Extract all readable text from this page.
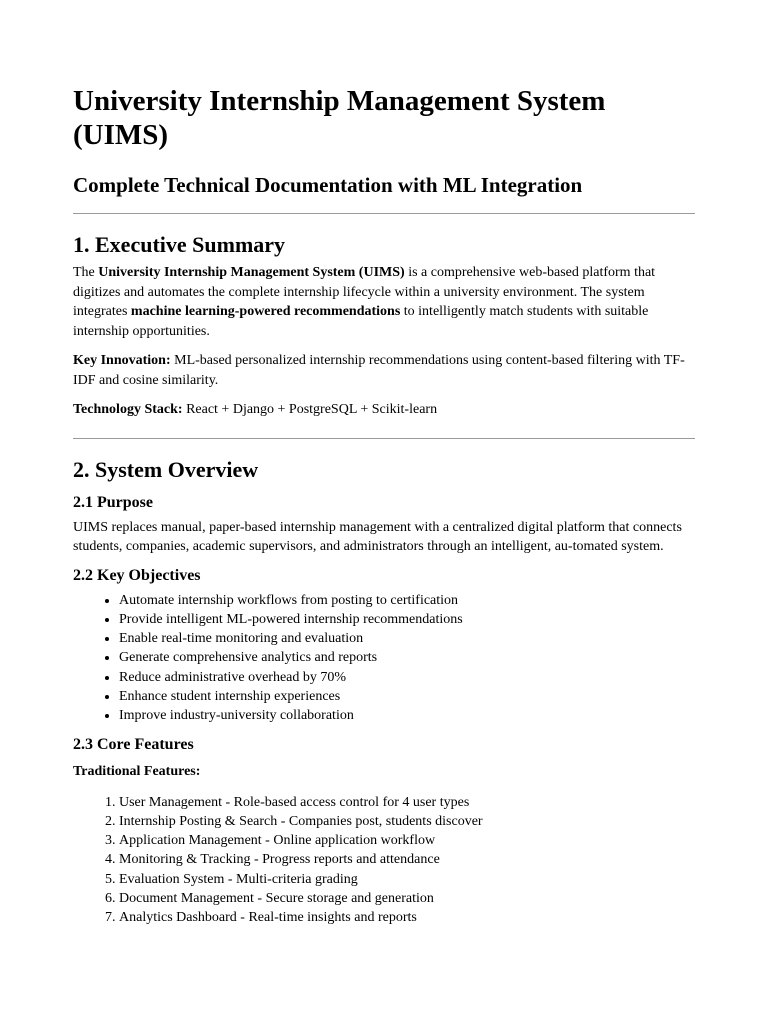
University Internship Management System (UIMS)
Complete Technical Documentation with ML Integration
1. Executive Summary

The University Internship Management System (UIMS) is a comprehensive web-based platform that digitizes and automates the complete internship lifecycle within a university environment. The system integrates machine learning-powered recommendations to intelligently match students with suitable internship opportunities.

Key Innovation: ML-based personalized internship recommendations using content-based filtering with TF-IDF and cosine similarity.

Technology Stack: React + Django + PostgreSQL + Scikit-learn

2. System Overview
2.1 Purpose

UIMS replaces manual, paper-based internship management with a centralized digital platform that connects students, companies, academic supervisors, and administrators through an intelligent, au-tomated system.

2.2 Key Objectives
• Automate internship workflows from posting to certification
• Provide intelligent ML-powered internship recommendations
• Enable real-time monitoring and evaluation
• Generate comprehensive analytics and reports
• Reduce administrative overhead by 70%
• Enhance student internship experiences
• Improve industry-university collaboration
2.3 Core Features
Traditional Features:
1. User Management - Role-based access control for 4 user types
2. Internship Posting & Search - Companies post, students discover
3. Application Management - Online application workflow
4. Monitoring & Tracking - Progress reports and attendance
5. Evaluation System - Multi-criteria grading
6. Document Management - Secure storage and generation
7. Analytics Dashboard - Real-time insights and reports
